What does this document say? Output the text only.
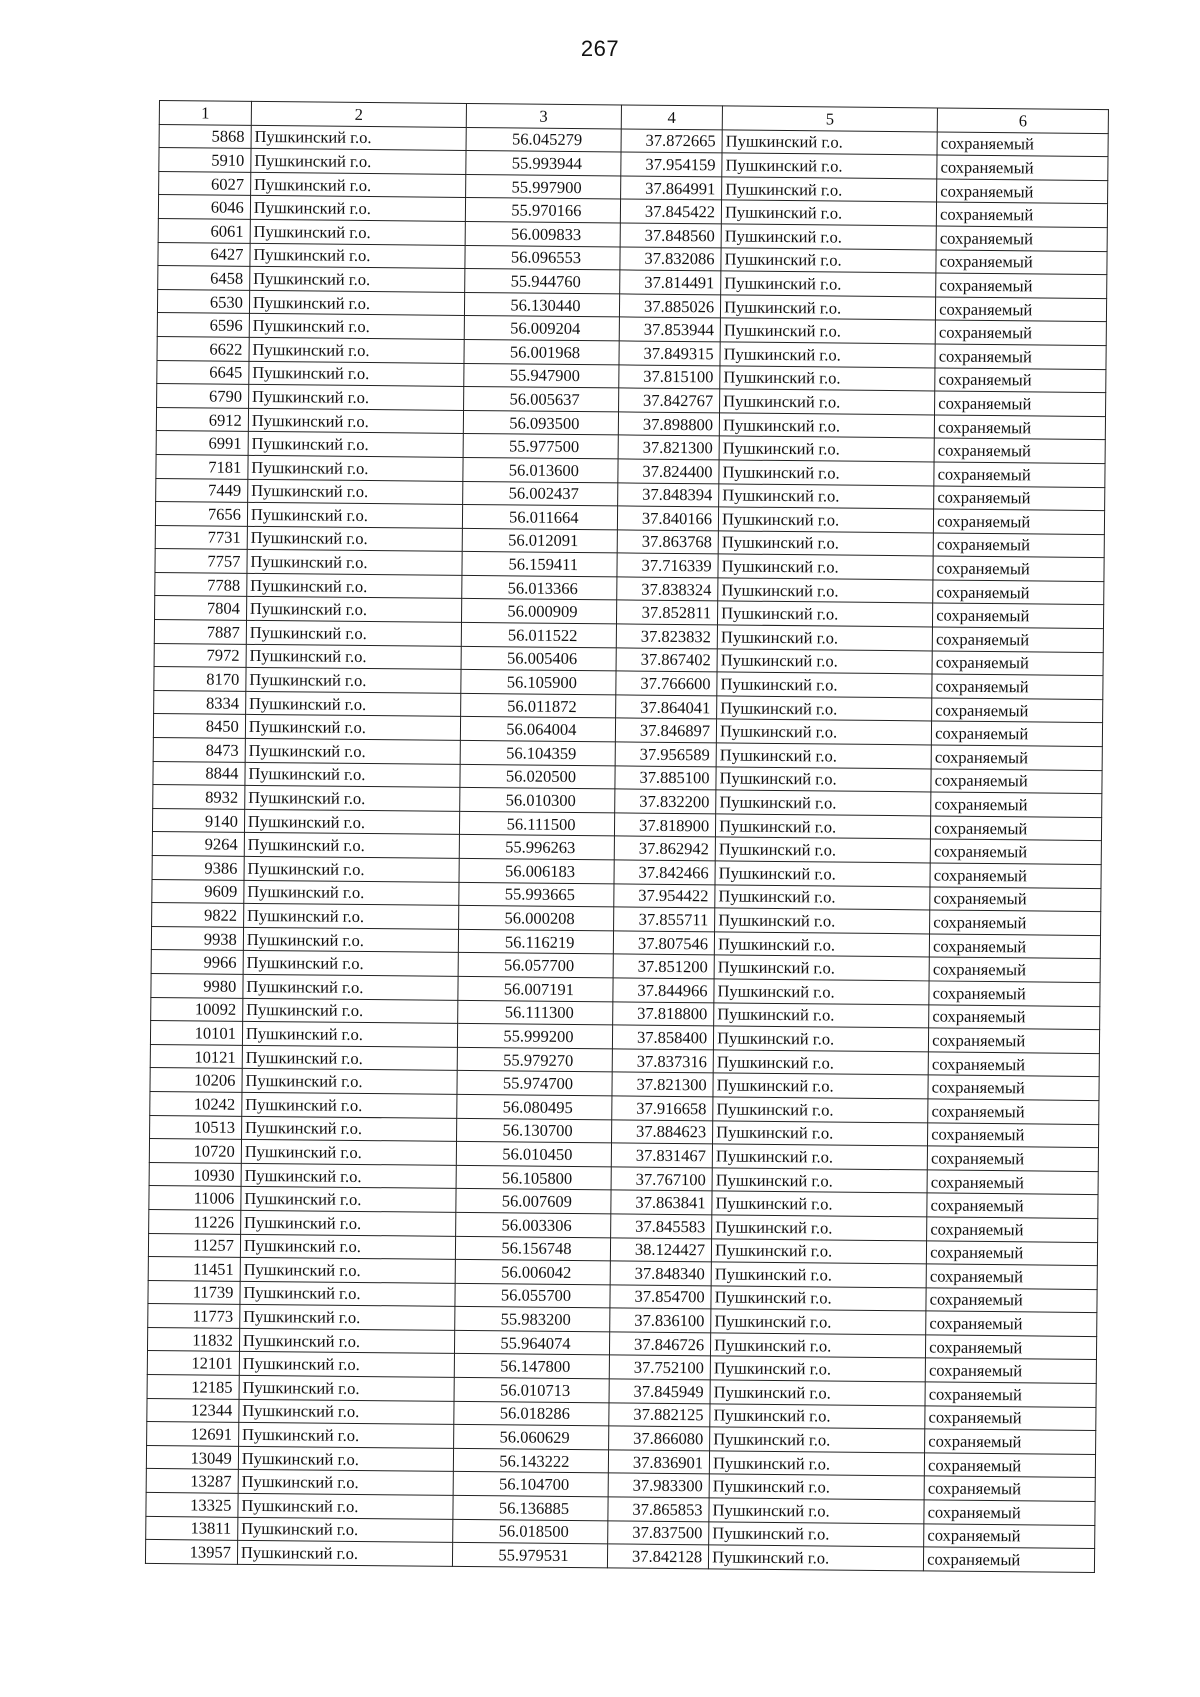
267
1	2	3	4	5	6
5868	Пушкинский г.о.	56.045279	37.872665	Пушкинский г.о.	сохраняемый
5910	Пушкинский г.о.	55.993944	37.954159	Пушкинский г.о.	сохраняемый
6027	Пушкинский г.о.	55.997900	37.864991	Пушкинский г.о.	сохраняемый
6046	Пушкинский г.о.	55.970166	37.845422	Пушкинский г.о.	сохраняемый
6061	Пушкинский г.о.	56.009833	37.848560	Пушкинский г.о.	сохраняемый
6427	Пушкинский г.о.	56.096553	37.832086	Пушкинский г.о.	сохраняемый
6458	Пушкинский г.о.	55.944760	37.814491	Пушкинский г.о.	сохраняемый
6530	Пушкинский г.о.	56.130440	37.885026	Пушкинский г.о.	сохраняемый
6596	Пушкинский г.о.	56.009204	37.853944	Пушкинский г.о.	сохраняемый
6622	Пушкинский г.о.	56.001968	37.849315	Пушкинский г.о.	сохраняемый
6645	Пушкинский г.о.	55.947900	37.815100	Пушкинский г.о.	сохраняемый
6790	Пушкинский г.о.	56.005637	37.842767	Пушкинский г.о.	сохраняемый
6912	Пушкинский г.о.	56.093500	37.898800	Пушкинский г.о.	сохраняемый
6991	Пушкинский г.о.	55.977500	37.821300	Пушкинский г.о.	сохраняемый
7181	Пушкинский г.о.	56.013600	37.824400	Пушкинский г.о.	сохраняемый
7449	Пушкинский г.о.	56.002437	37.848394	Пушкинский г.о.	сохраняемый
7656	Пушкинский г.о.	56.011664	37.840166	Пушкинский г.о.	сохраняемый
7731	Пушкинский г.о.	56.012091	37.863768	Пушкинский г.о.	сохраняемый
7757	Пушкинский г.о.	56.159411	37.716339	Пушкинский г.о.	сохраняемый
7788	Пушкинский г.о.	56.013366	37.838324	Пушкинский г.о.	сохраняемый
7804	Пушкинский г.о.	56.000909	37.852811	Пушкинский г.о.	сохраняемый
7887	Пушкинский г.о.	56.011522	37.823832	Пушкинский г.о.	сохраняемый
7972	Пушкинский г.о.	56.005406	37.867402	Пушкинский г.о.	сохраняемый
8170	Пушкинский г.о.	56.105900	37.766600	Пушкинский г.о.	сохраняемый
8334	Пушкинский г.о.	56.011872	37.864041	Пушкинский г.о.	сохраняемый
8450	Пушкинский г.о.	56.064004	37.846897	Пушкинский г.о.	сохраняемый
8473	Пушкинский г.о.	56.104359	37.956589	Пушкинский г.о.	сохраняемый
8844	Пушкинский г.о.	56.020500	37.885100	Пушкинский г.о.	сохраняемый
8932	Пушкинский г.о.	56.010300	37.832200	Пушкинский г.о.	сохраняемый
9140	Пушкинский г.о.	56.111500	37.818900	Пушкинский г.о.	сохраняемый
9264	Пушкинский г.о.	55.996263	37.862942	Пушкинский г.о.	сохраняемый
9386	Пушкинский г.о.	56.006183	37.842466	Пушкинский г.о.	сохраняемый
9609	Пушкинский г.о.	55.993665	37.954422	Пушкинский г.о.	сохраняемый
9822	Пушкинский г.о.	56.000208	37.855711	Пушкинский г.о.	сохраняемый
9938	Пушкинский г.о.	56.116219	37.807546	Пушкинский г.о.	сохраняемый
9966	Пушкинский г.о.	56.057700	37.851200	Пушкинский г.о.	сохраняемый
9980	Пушкинский г.о.	56.007191	37.844966	Пушкинский г.о.	сохраняемый
10092	Пушкинский г.о.	56.111300	37.818800	Пушкинский г.о.	сохраняемый
10101	Пушкинский г.о.	55.999200	37.858400	Пушкинский г.о.	сохраняемый
10121	Пушкинский г.о.	55.979270	37.837316	Пушкинский г.о.	сохраняемый
10206	Пушкинский г.о.	55.974700	37.821300	Пушкинский г.о.	сохраняемый
10242	Пушкинский г.о.	56.080495	37.916658	Пушкинский г.о.	сохраняемый
10513	Пушкинский г.о.	56.130700	37.884623	Пушкинский г.о.	сохраняемый
10720	Пушкинский г.о.	56.010450	37.831467	Пушкинский г.о.	сохраняемый
10930	Пушкинский г.о.	56.105800	37.767100	Пушкинский г.о.	сохраняемый
11006	Пушкинский г.о.	56.007609	37.863841	Пушкинский г.о.	сохраняемый
11226	Пушкинский г.о.	56.003306	37.845583	Пушкинский г.о.	сохраняемый
11257	Пушкинский г.о.	56.156748	38.124427	Пушкинский г.о.	сохраняемый
11451	Пушкинский г.о.	56.006042	37.848340	Пушкинский г.о.	сохраняемый
11739	Пушкинский г.о.	56.055700	37.854700	Пушкинский г.о.	сохраняемый
11773	Пушкинский г.о.	55.983200	37.836100	Пушкинский г.о.	сохраняемый
11832	Пушкинский г.о.	55.964074	37.846726	Пушкинский г.о.	сохраняемый
12101	Пушкинский г.о.	56.147800	37.752100	Пушкинский г.о.	сохраняемый
12185	Пушкинский г.о.	56.010713	37.845949	Пушкинский г.о.	сохраняемый
12344	Пушкинский г.о.	56.018286	37.882125	Пушкинский г.о.	сохраняемый
12691	Пушкинский г.о.	56.060629	37.866080	Пушкинский г.о.	сохраняемый
13049	Пушкинский г.о.	56.143222	37.836901	Пушкинский г.о.	сохраняемый
13287	Пушкинский г.о.	56.104700	37.983300	Пушкинский г.о.	сохраняемый
13325	Пушкинский г.о.	56.136885	37.865853	Пушкинский г.о.	сохраняемый
13811	Пушкинский г.о.	56.018500	37.837500	Пушкинский г.о.	сохраняемый
13957	Пушкинский г.о.	55.979531	37.842128	Пушкинский г.о.	сохраняемый
